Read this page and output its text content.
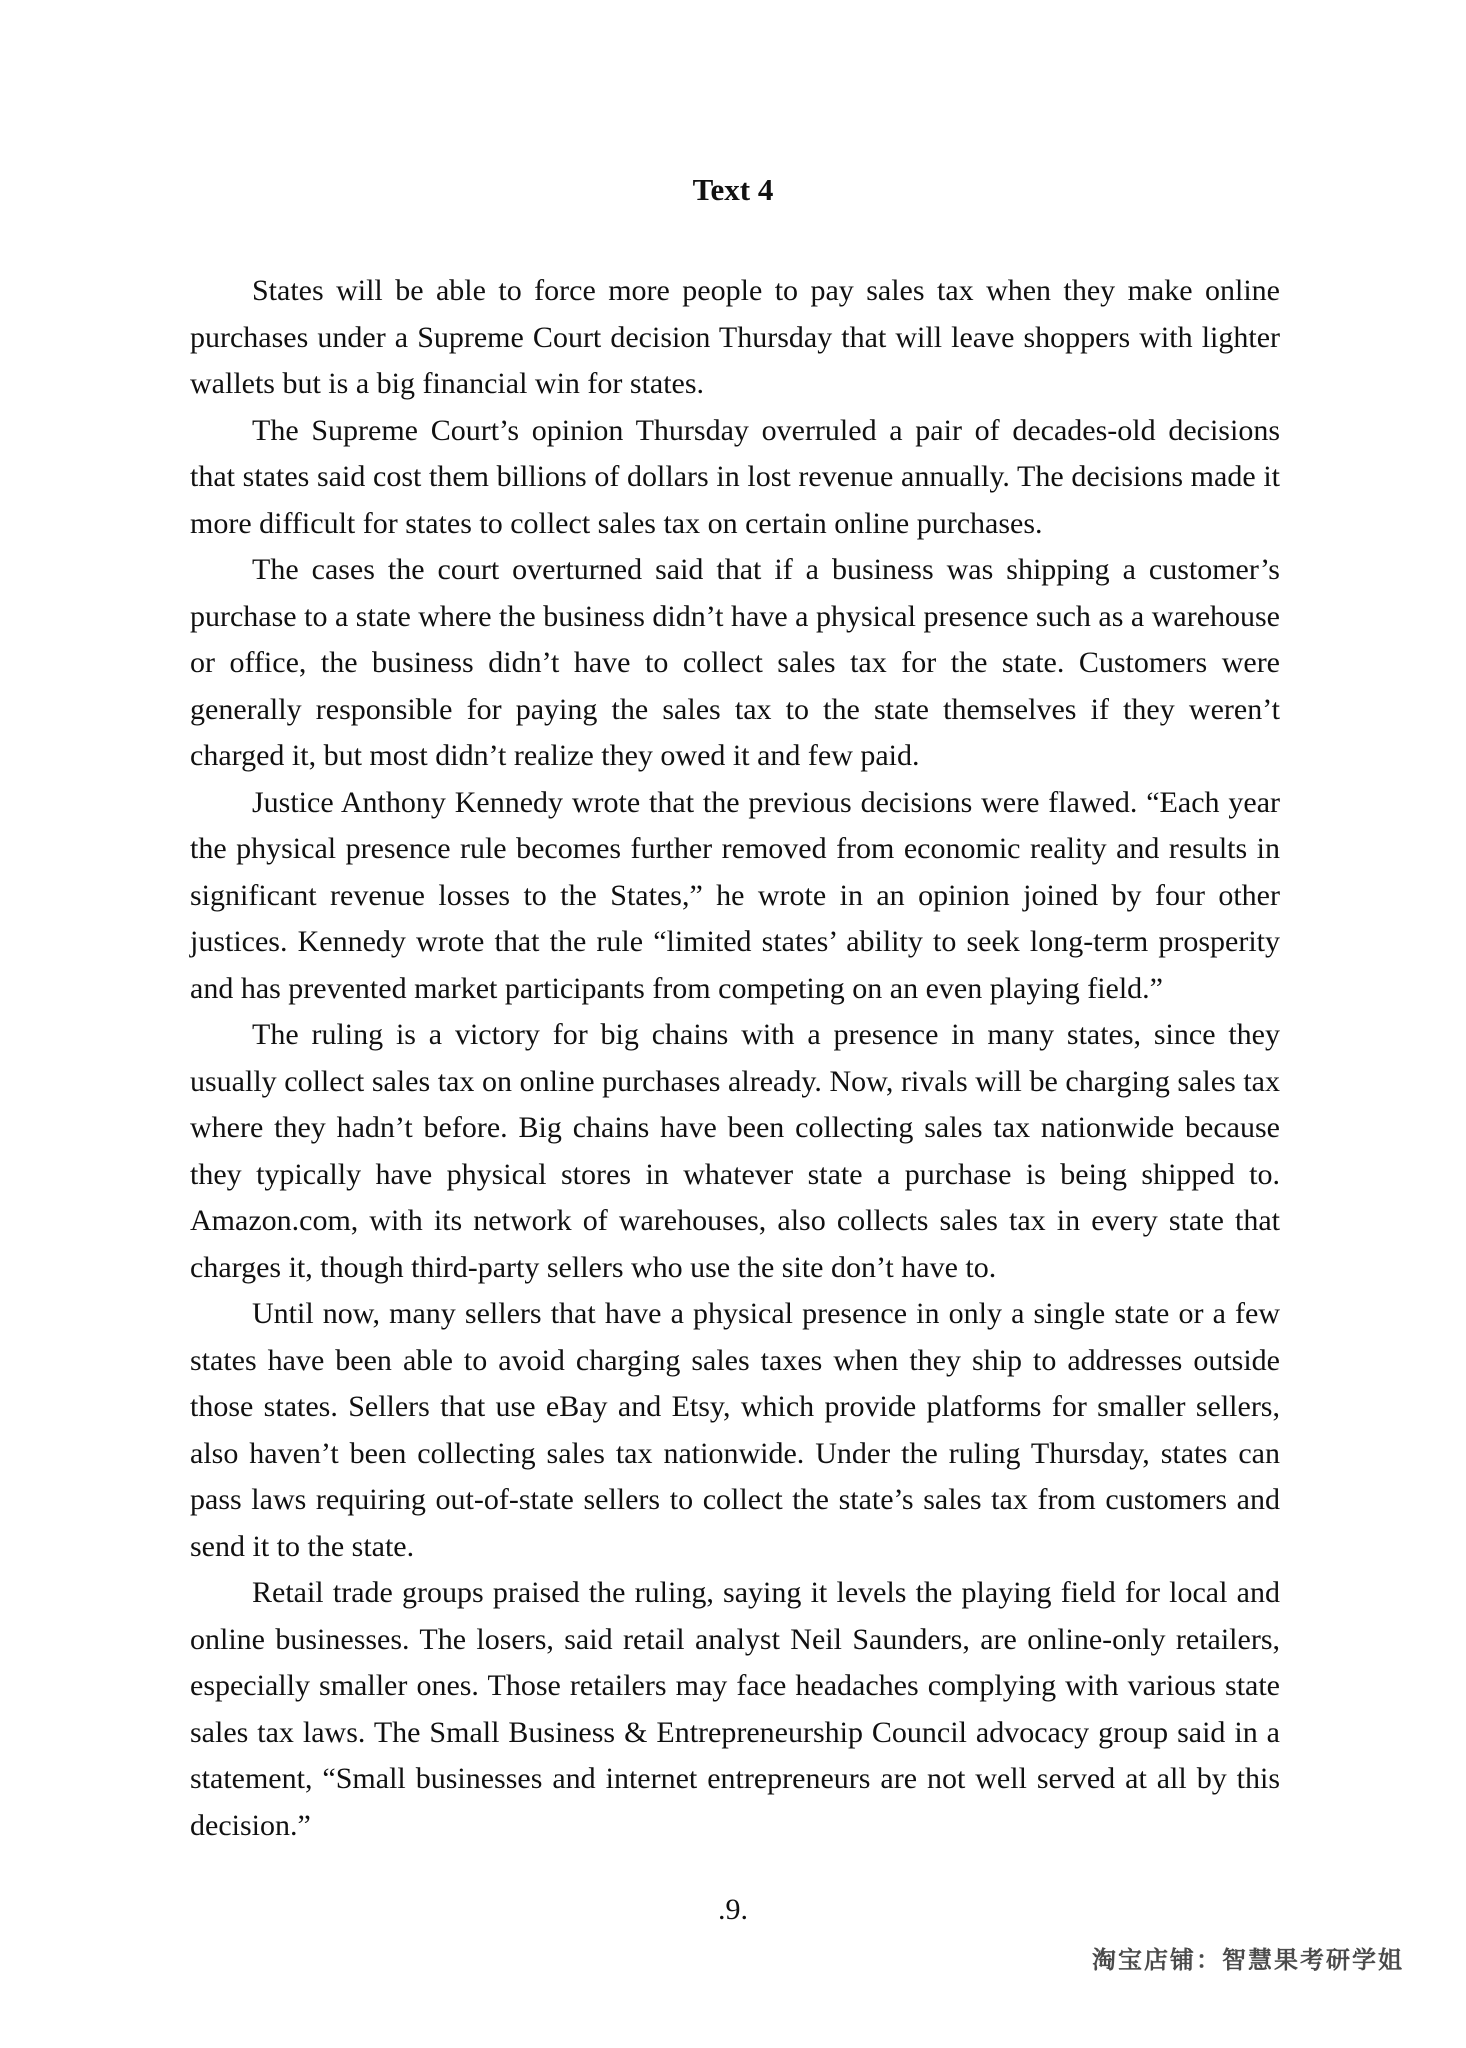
Text 4

States will be able to force more people to pay sales tax when they make online purchases under a Supreme Court decision Thursday that will leave shoppers with lighter wallets but is a big financial win for states.

The Supreme Court’s opinion Thursday overruled a pair of decades-old decisions that states said cost them billions of dollars in lost revenue annually. The decisions made it more difficult for states to collect sales tax on certain online purchases.

The cases the court overturned said that if a business was shipping a customer’s purchase to a state where the business didn’t have a physical presence such as a warehouse or office, the business didn’t have to collect sales tax for the state. Customers were generally responsible for paying the sales tax to the state themselves if they weren’t charged it, but most didn’t realize they owed it and few paid.

Justice Anthony Kennedy wrote that the previous decisions were flawed. “Each year the physical presence rule becomes further removed from economic reality and results in significant revenue losses to the States,” he wrote in an opinion joined by four other justices. Kennedy wrote that the rule “limited states’ ability to seek long-term prosperity and has prevented market participants from competing on an even playing field.”

The ruling is a victory for big chains with a presence in many states, since they usually collect sales tax on online purchases already. Now, rivals will be charging sales tax where they hadn’t before. Big chains have been collecting sales tax nationwide because they typically have physical stores in whatever state a purchase is being shipped to. Amazon.com, with its network of warehouses, also collects sales tax in every state that charges it, though third-party sellers who use the site don’t have to.

Until now, many sellers that have a physical presence in only a single state or a few states have been able to avoid charging sales taxes when they ship to addresses outside those states. Sellers that use eBay and Etsy, which provide platforms for smaller sellers, also haven’t been collecting sales tax nationwide. Under the ruling Thursday, states can pass laws requiring out-of-state sellers to collect the state’s sales tax from customers and send it to the state.

Retail trade groups praised the ruling, saying it levels the playing field for local and online businesses. The losers, said retail analyst Neil Saunders, are online-only retailers, especially smaller ones. Those retailers may face headaches complying with various state sales tax laws. The Small Business & Entrepreneurship Council advocacy group said in a statement, “Small businesses and internet entrepreneurs are not well served at all by this decision.”

.9.
淘宝店铺：智慧果考研学姐
